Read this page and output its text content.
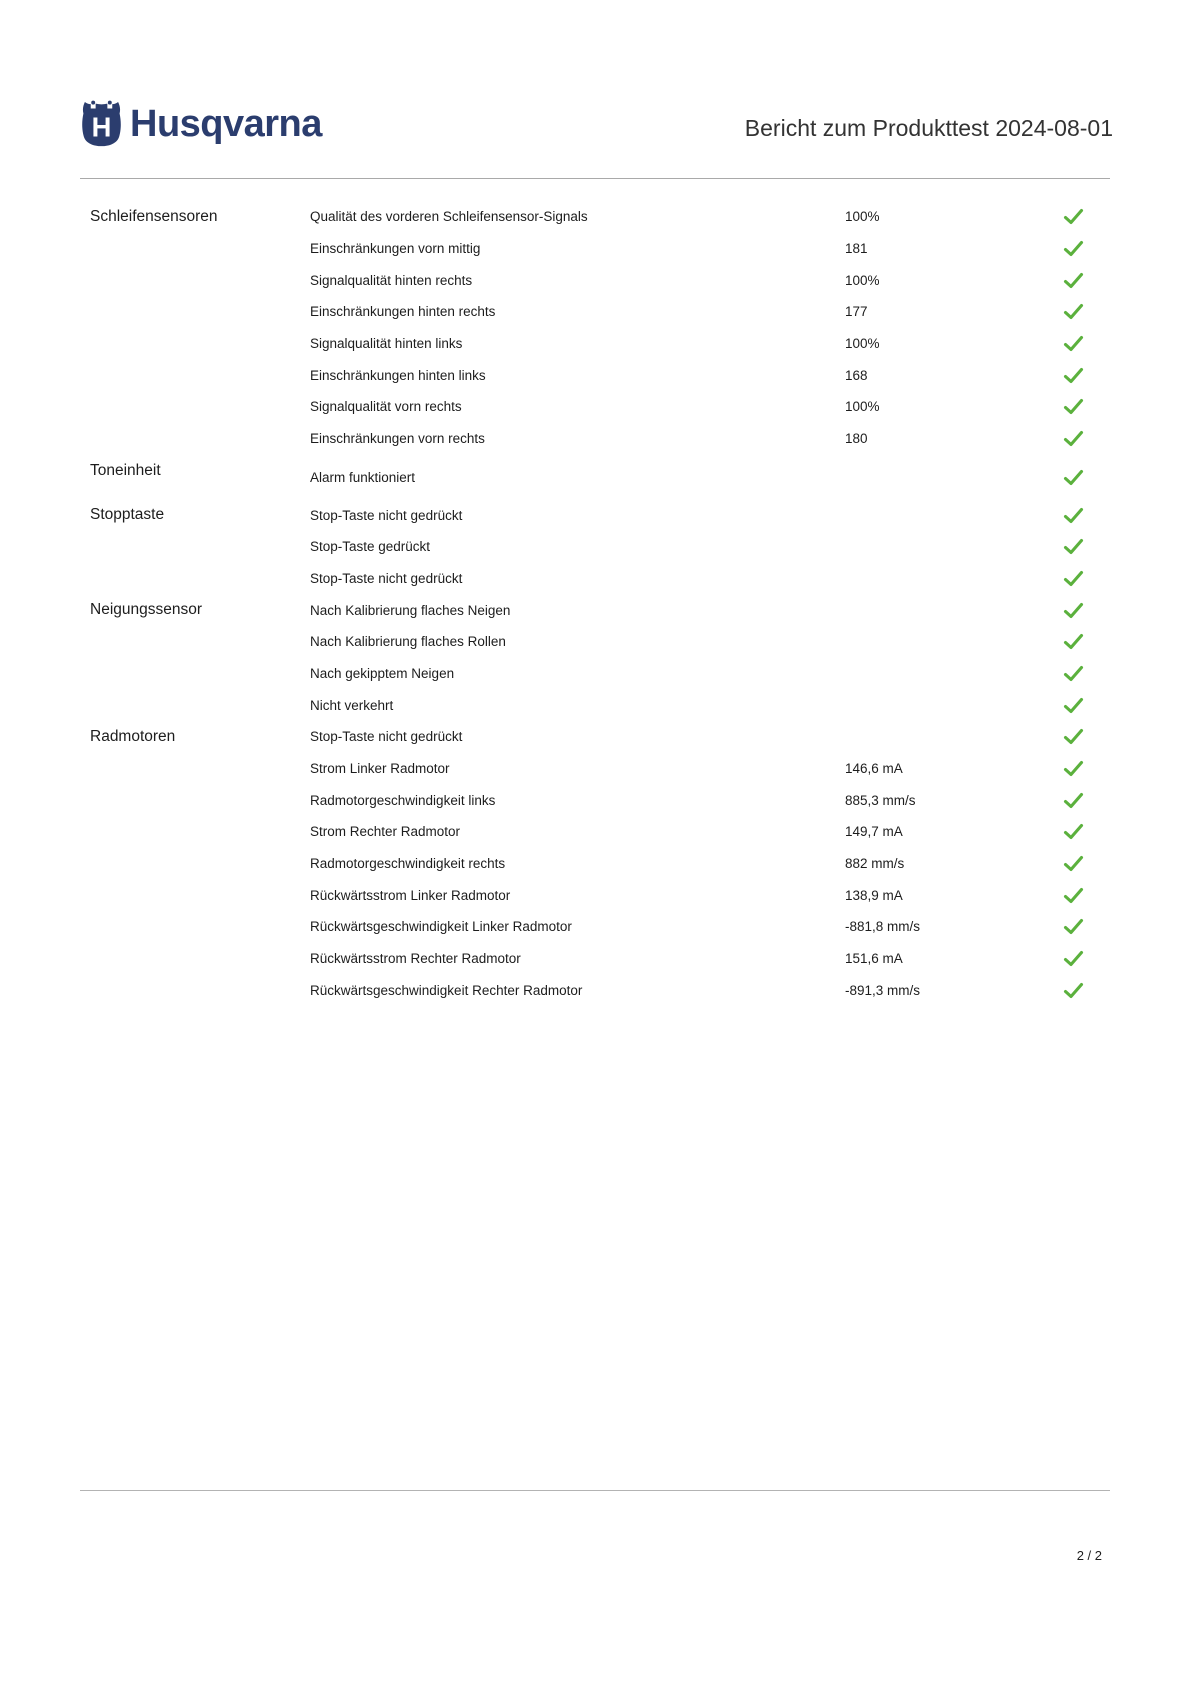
H Husqvarna	Bericht zum Produkttest 2024-08-01
Schleifensensoren	Qualität des vorderen Schleifensensor-Signals	100%
Einschränkungen vorn mittig	181
Signalqualität hinten rechts	100%
Einschränkungen hinten rechts	177
Signalqualität hinten links	100%
Einschränkungen hinten links	168
Signalqualität vorn rechts	100%
Einschränkungen vorn rechts	180
Toneinheit	Alarm funktioniert
Stopptaste	Stop-Taste nicht gedrückt
Stop-Taste gedrückt
Stop-Taste nicht gedrückt
Neigungssensor	Nach Kalibrierung flaches Neigen
Nach Kalibrierung flaches Rollen
Nach gekipptem Neigen
Nicht verkehrt
Radmotoren	Stop-Taste nicht gedrückt
Strom Linker Radmotor	146,6 mA
Radmotorgeschwindigkeit links	885,3 mm/s
Strom Rechter Radmotor	149,7 mA
Radmotorgeschwindigkeit rechts	882 mm/s
Rückwärtsstrom Linker Radmotor	138,9 mA
Rückwärtsgeschwindigkeit Linker Radmotor	-881,8 mm/s
Rückwärtsstrom Rechter Radmotor	151,6 mA
Rückwärtsgeschwindigkeit Rechter Radmotor	-891,3 mm/s
2 / 2
